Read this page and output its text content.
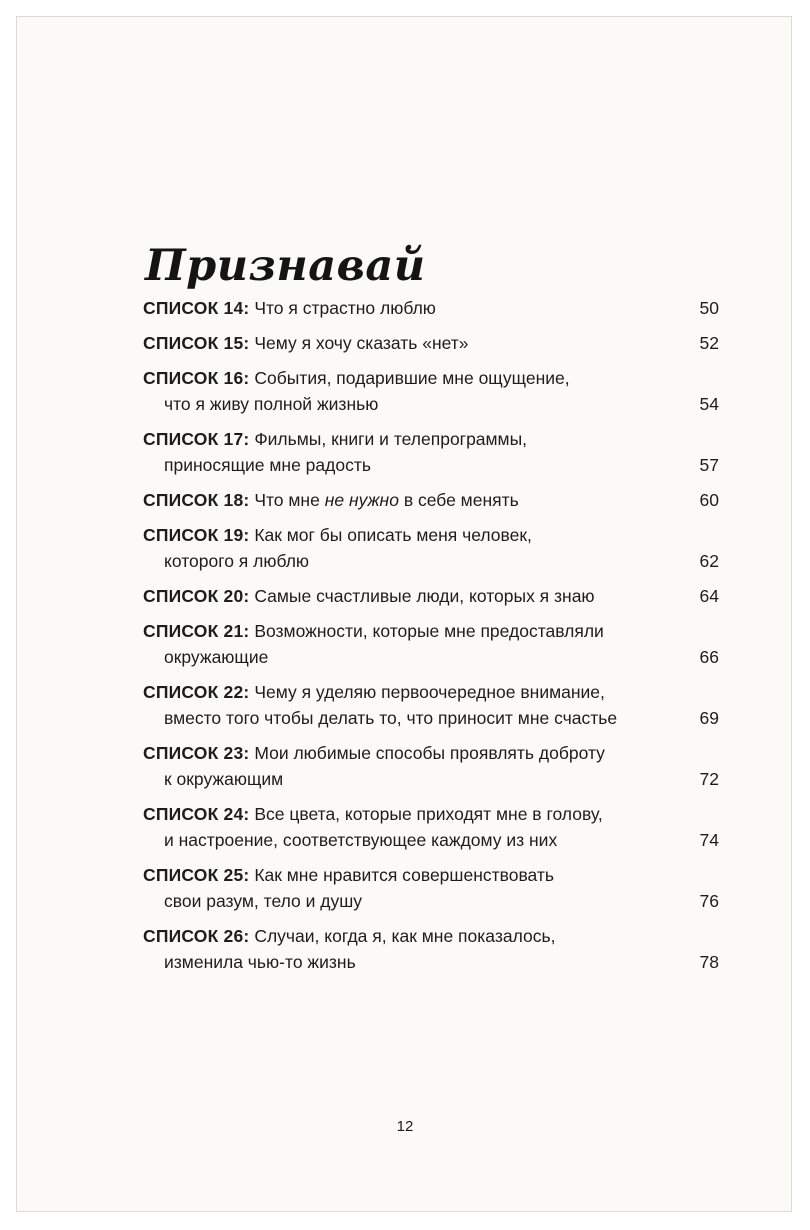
Признавай
СПИСОК 14: Что я страстно люблю	50
СПИСОК 15: Чему я хочу сказать «нет»	52
СПИСОК 16: События, подарившие мне ощущение,
что я живу полной жизнью	54
СПИСОК 17: Фильмы, книги и телепрограммы,
приносящие мне радость	57
СПИСОК 18: Что мне не нужно в себе менять	60
СПИСОК 19: Как мог бы описать меня человек,
которого я люблю	62
СПИСОК 20: Самые счастливые люди, которых я знаю	64
СПИСОК 21: Возможности, которые мне предоставляли
окружающие	66
СПИСОК 22: Чему я уделяю первоочередное внимание,
вместо того чтобы делать то, что приносит мне счастье	69
СПИСОК 23: Мои любимые способы проявлять доброту
к окружающим	72
СПИСОК 24: Все цвета, которые приходят мне в голову,
и настроение, соответствующее каждому из них	74
СПИСОК 25: Как мне нравится совершенствовать
свои разум, тело и душу	76
СПИСОК 26: Случаи, когда я, как мне показалось,
изменила чью-то жизнь	78
12
